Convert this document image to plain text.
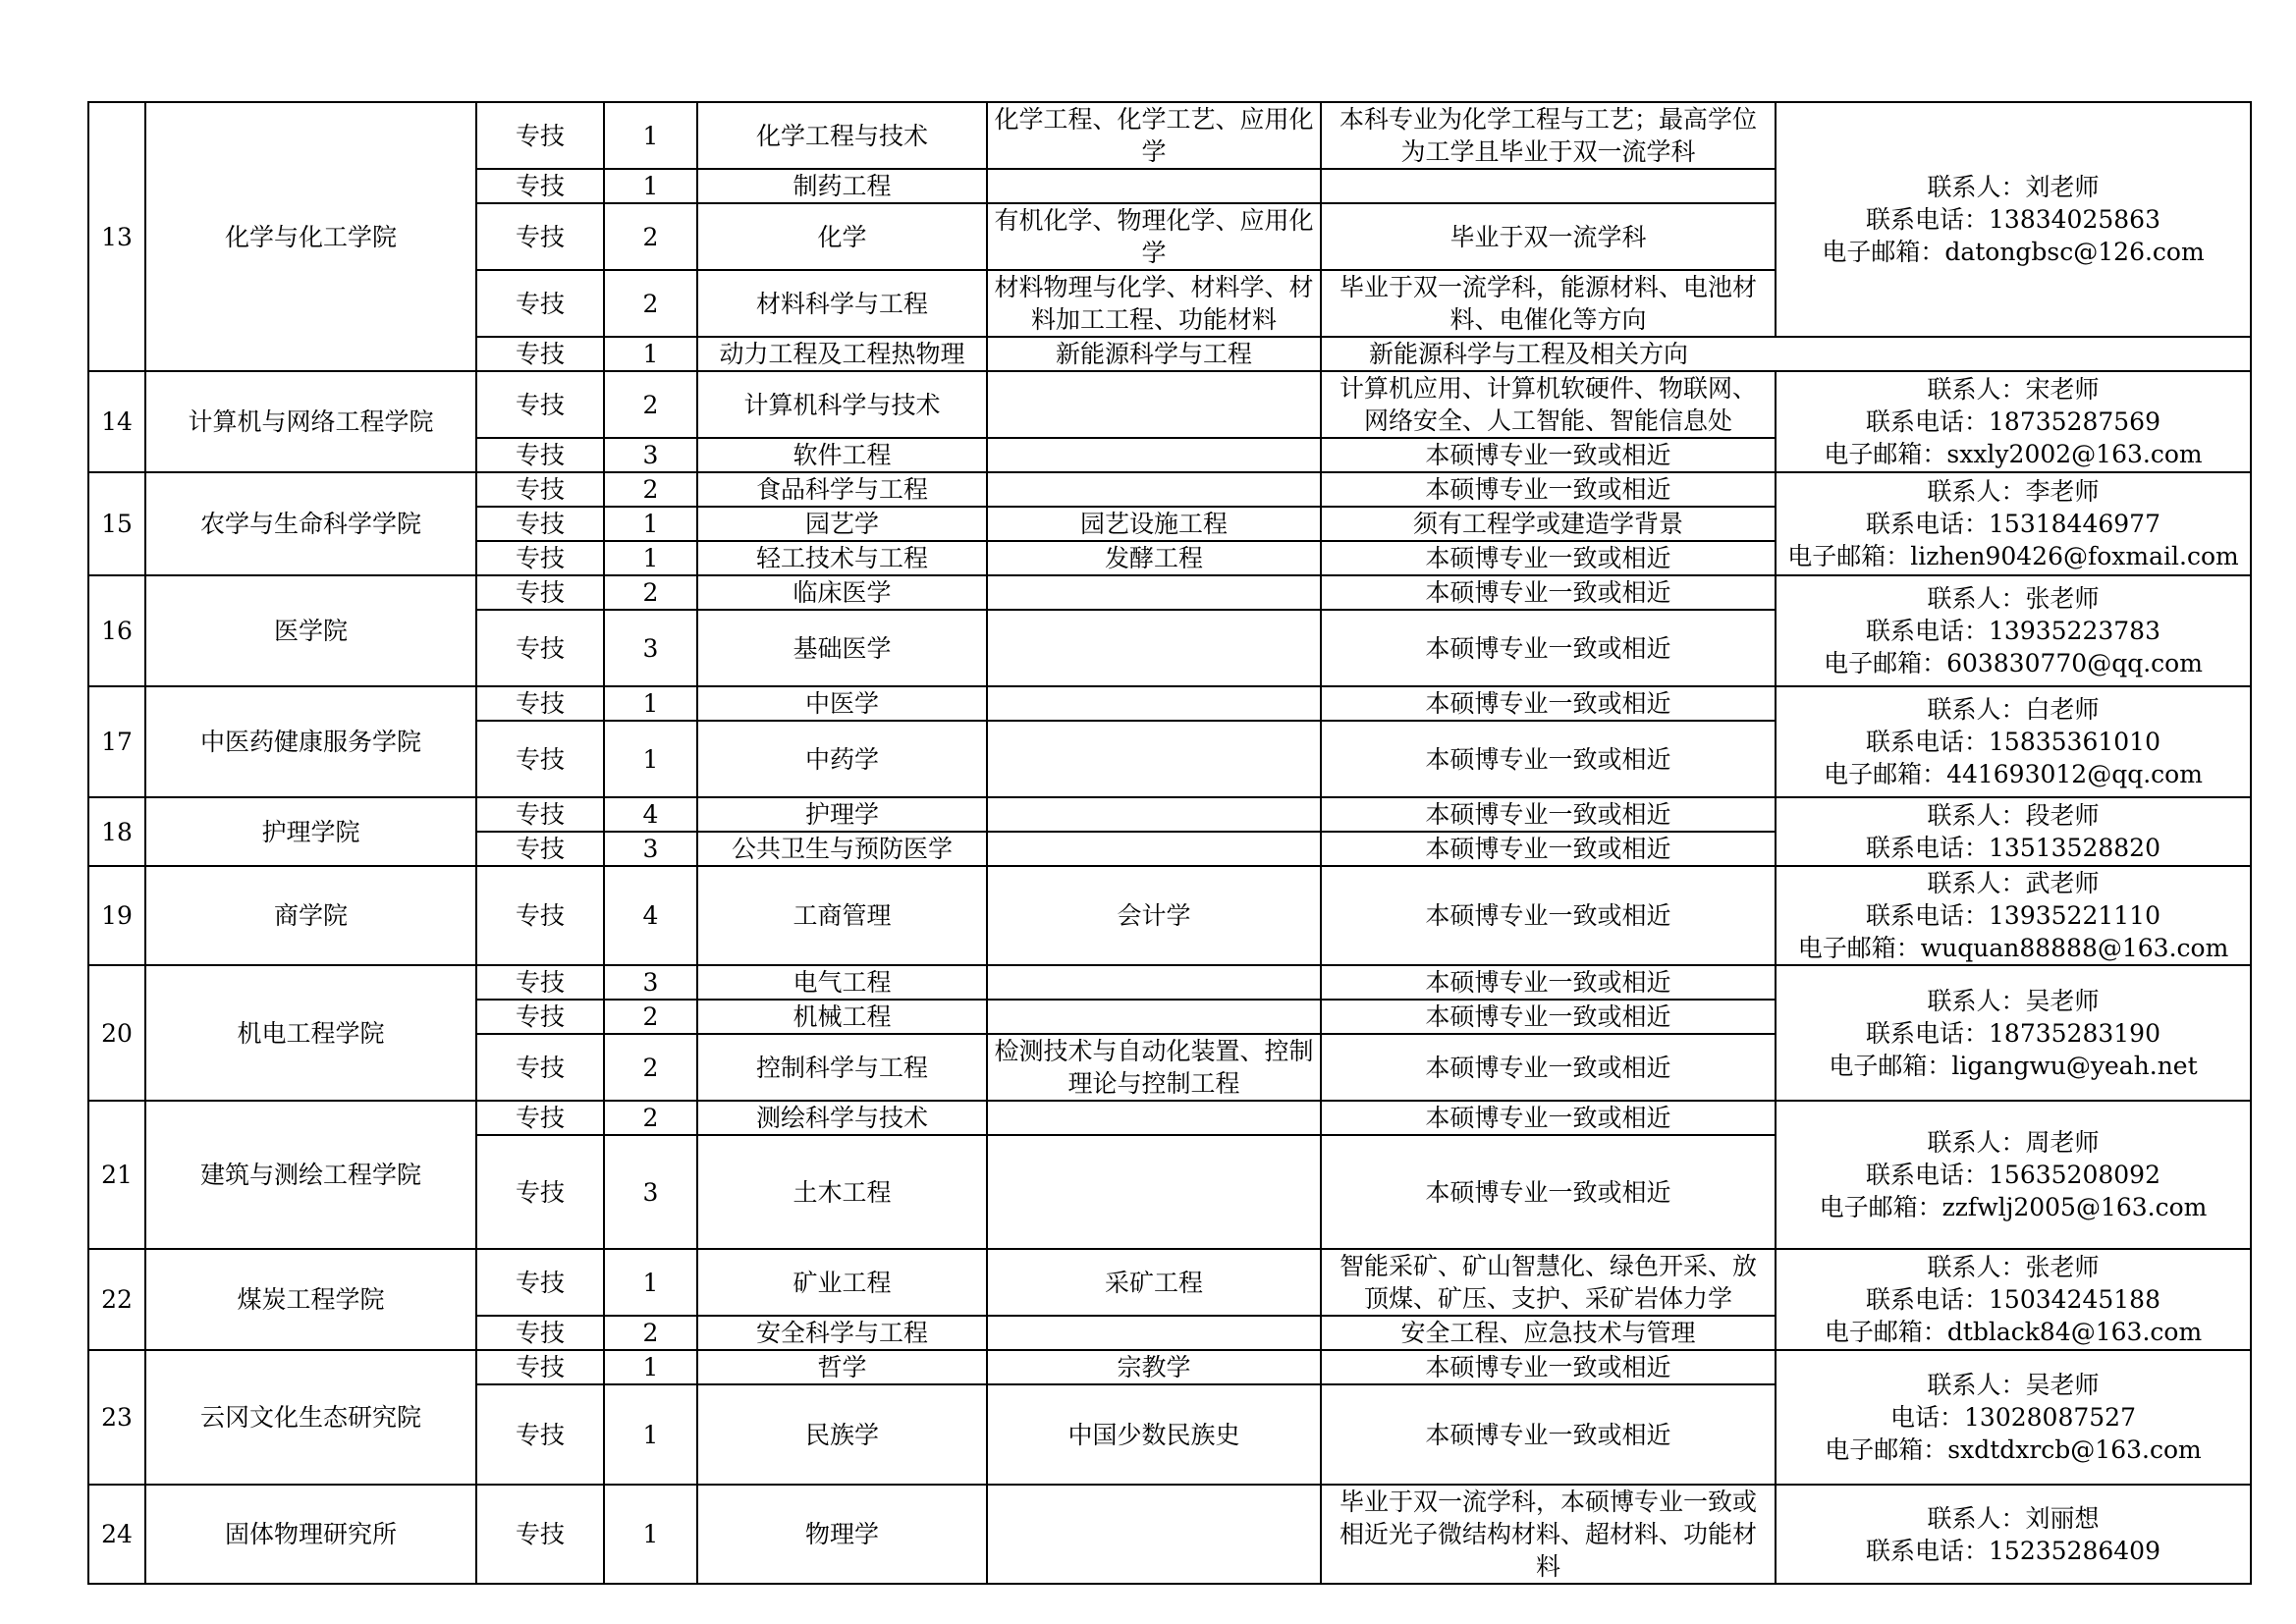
13	化学与化工学院	专技	1	化学工程与技术	化学工程、化学工艺、应用化学	本科专业为化学工程与工艺；最高学位为工学且毕业于双一流学科	联系人：刘老师
联系电话：13834025863
电子邮箱：datongbsc@126.com

		专技	1	制药工程			
		专技	2	化学	有机化学、物理化学、应用化学	毕业于双一流学科	
		专技	2	材料科学与工程	材料物理与化学、材料学、材料加工工程、功能材料	毕业于双一流学科，能源材料、电池材料、电催化等方向	
		专技	1	动力工程及工程热物理	新能源科学与工程	新能源科学与工程及相关方向	
14	计算机与网络工程学院	专技	2	计算机科学与技术		计算机应用、计算机软硬件、物联网、网络安全、人工智能、智能信息处	联系人：宋老师
联系电话：18735287569
电子邮箱：sxxly2002@163.com

		专技	3	软件工程		本硕博专业一致或相近	
15	农学与生命科学学院	专技	2	食品科学与工程		本硕博专业一致或相近	联系人：李老师
联系电话：15318446977
电子邮箱：lizhen90426@foxmail.com

		专技	1	园艺学	园艺设施工程	须有工程学或建造学背景	
		专技	1	轻工技术与工程	发酵工程	本硕博专业一致或相近	
16	医学院	专技	2	临床医学		本硕博专业一致或相近	联系人：张老师
联系电话：13935223783
电子邮箱：603830770@qq.com

		专技	3	基础医学		本硕博专业一致或相近	
17	中医药健康服务学院	专技	1	中医学		本硕博专业一致或相近	联系人：白老师
联系电话：15835361010
电子邮箱：441693012@qq.com

		专技	1	中药学		本硕博专业一致或相近	
18	护理学院	专技	4	护理学		本硕博专业一致或相近	联系人：段老师
联系电话：13513528820

		专技	3	公共卫生与预防医学		本硕博专业一致或相近	
19	商学院	专技	4	工商管理	会计学	本硕博专业一致或相近	联系人：武老师
联系电话：13935221110
电子邮箱：wuquan88888@163.com

20	机电工程学院	专技	3	电气工程		本硕博专业一致或相近	联系人：吴老师
联系电话：18735283190
电子邮箱：ligangwu@yeah.net

		专技	2	机械工程		本硕博专业一致或相近	
		专技	2	控制科学与工程	检测技术与自动化装置、控制理论与控制工程	本硕博专业一致或相近	
21	建筑与测绘工程学院	专技	2	测绘科学与技术		本硕博专业一致或相近	联系人：周老师
联系电话：15635208092
电子邮箱：zzfwlj2005@163.com

		专技	3	土木工程		本硕博专业一致或相近	
22	煤炭工程学院	专技	1	矿业工程	采矿工程	智能采矿、矿山智慧化、绿色开采、放顶煤、矿压、支护、采矿岩体力学	联系人：张老师
联系电话：15034245188
电子邮箱：dtblack84@163.com

		专技	2	安全科学与工程		安全工程、应急技术与管理	
23	云冈文化生态研究院	专技	1	哲学	宗教学	本硕博专业一致或相近	联系人：吴老师
电话：13028087527
电子邮箱：sxdtdxrcb@163.com

		专技	1	民族学	中国少数民族史	本硕博专业一致或相近	
24	固体物理研究所	专技	1	物理学		毕业于双一流学科，本硕博专业一致或相近光子微结构材料、超材料、功能材料	联系人：刘丽想
联系电话：15235286409
